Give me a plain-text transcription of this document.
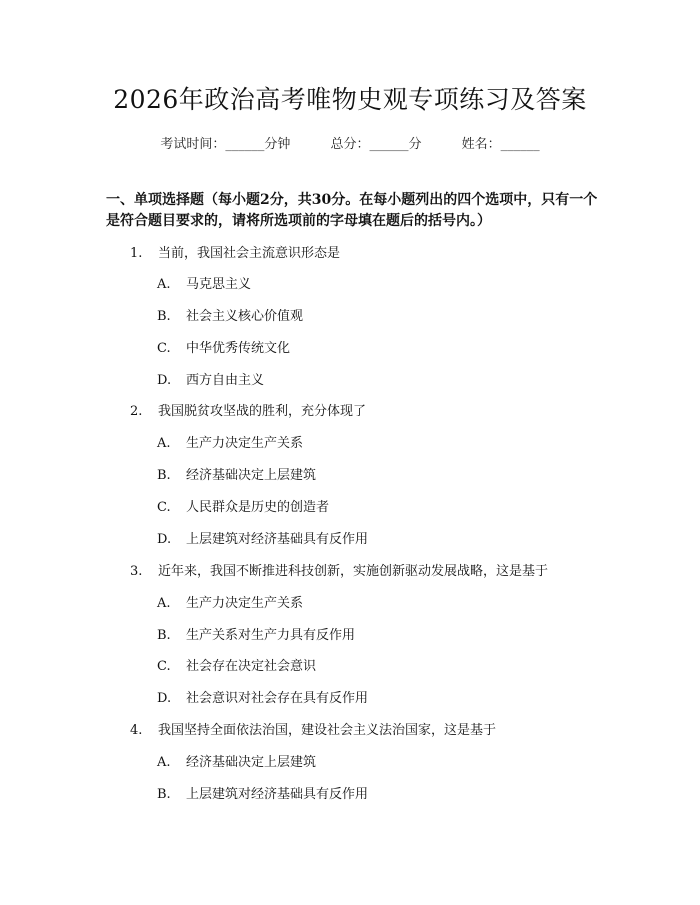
2026年政治高考唯物史观专项练习及答案
考试时间：______分钟	总分：______分	姓名：______

一、单项选择题（每小题2分，共30分。在每小题列出的四个选项中，只有一个是符合题目要求的，请将所选项前的字母填在题后的括号内。）

1. 当前，我国社会主流意识形态是
A. 马克思主义
B. 社会主义核心价值观
C. 中华优秀传统文化
D. 西方自由主义
2. 我国脱贫攻坚战的胜利，充分体现了
A. 生产力决定生产关系
B. 经济基础决定上层建筑
C. 人民群众是历史的创造者
D. 上层建筑对经济基础具有反作用
3. 近年来，我国不断推进科技创新，实施创新驱动发展战略，这是基于
A. 生产力决定生产关系
B. 生产关系对生产力具有反作用
C. 社会存在决定社会意识
D. 社会意识对社会存在具有反作用
4. 我国坚持全面依法治国，建设社会主义法治国家，这是基于
A. 经济基础决定上层建筑
B. 上层建筑对经济基础具有反作用
